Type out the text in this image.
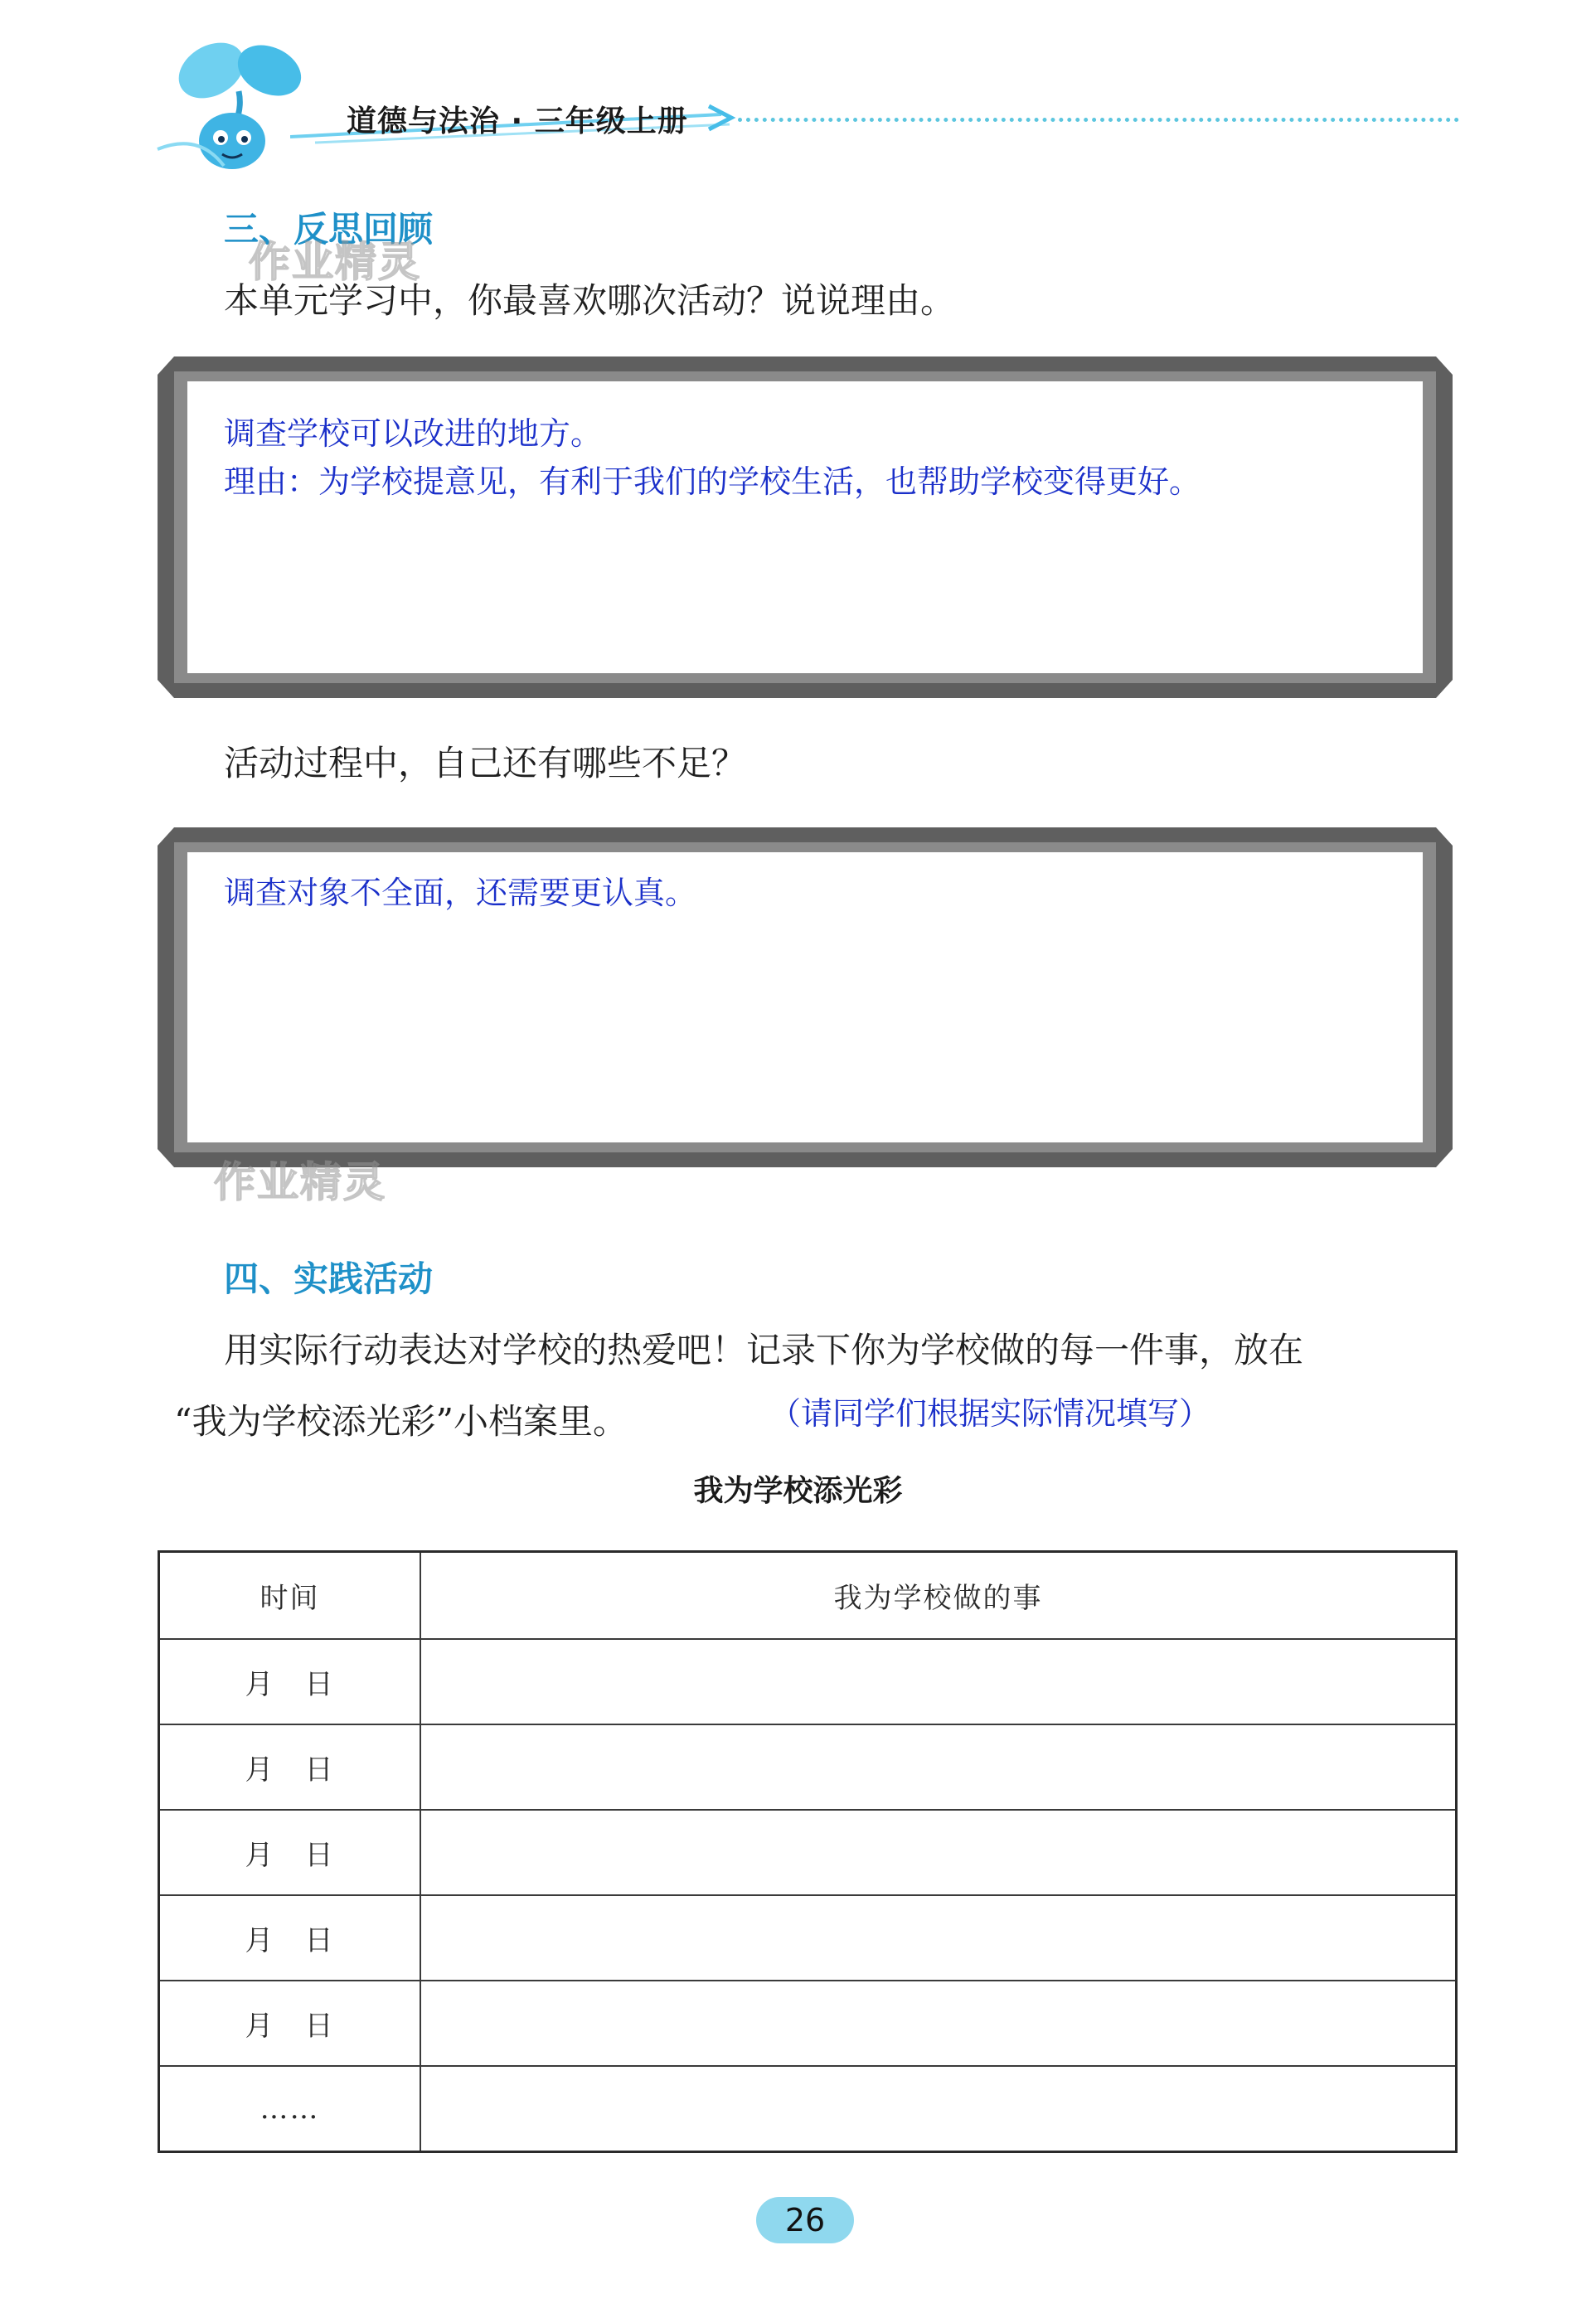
道德与法治 · 三年级上册
三、反思回顾
作业精灵
本单元学习中，你最喜欢哪次活动？说说理由。
调查学校可以改进的地方。
理由：为学校提意见，有利于我们的学校生活，也帮助学校变得更好。
活动过程中，自己还有哪些不足？
调查对象不全面，还需要更认真。
作业精灵
四、实践活动
用实际行动表达对学校的热爱吧！记录下你为学校做的每一件事，放在
“我为学校添光彩”小档案里。	（请同学们根据实际情况填写）
我为学校添光彩
时间	我为学校做的事
月 日	
月 日	
月 日	
月 日	
月 日	
……	
26
